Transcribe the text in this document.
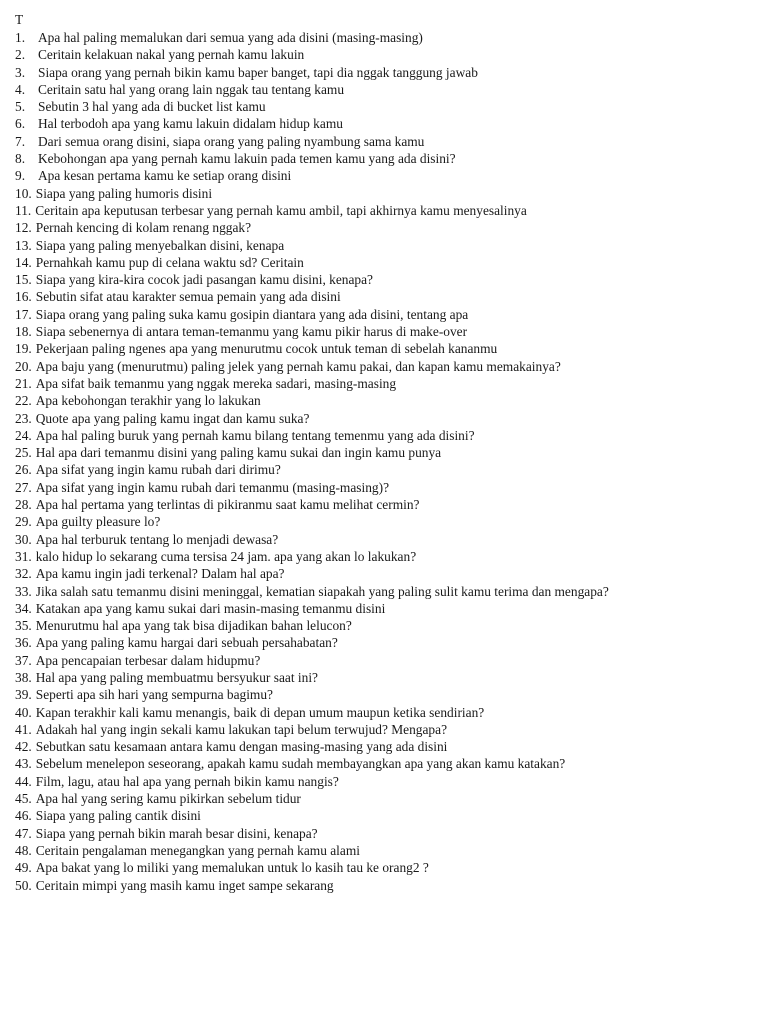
T
1. Apa hal paling memalukan dari semua yang ada disini (masing-masing)
2. Ceritain kelakuan nakal yang pernah kamu lakuin
3. Siapa orang yang pernah bikin kamu baper banget, tapi dia nggak tanggung jawab
4. Ceritain satu hal yang orang lain nggak tau tentang kamu
5. Sebutin 3 hal yang ada di bucket list kamu
6. Hal terbodoh apa yang kamu lakuin didalam hidup kamu
7. Dari semua orang disini, siapa orang yang paling nyambung sama kamu
8. Kebohongan apa yang pernah kamu lakuin pada temen kamu yang ada disini?
9. Apa kesan pertama kamu ke setiap orang disini
10. Siapa yang paling humoris disini
11. Ceritain apa keputusan terbesar yang pernah kamu ambil, tapi akhirnya kamu menyesalinya
12. Pernah kencing di kolam renang nggak?
13. Siapa yang paling menyebalkan disini, kenapa
14. Pernahkah kamu pup di celana waktu sd? Ceritain
15. Siapa yang kira-kira cocok jadi pasangan kamu disini, kenapa?
16. Sebutin sifat atau karakter semua pemain yang ada disini
17. Siapa orang yang paling suka kamu gosipin diantara yang ada disini, tentang apa
18. Siapa sebenernya di antara teman-temanmu yang kamu pikir harus di make-over
19. Pekerjaan paling ngenes apa yang menurutmu cocok untuk teman di sebelah kananmu
20. Apa baju yang (menurutmu) paling jelek yang pernah kamu pakai, dan kapan kamu memakainya?
21. Apa sifat baik temanmu yang nggak mereka sadari, masing-masing
22. Apa kebohongan terakhir yang lo lakukan
23. Quote apa yang paling kamu ingat dan kamu suka?
24. Apa hal paling buruk yang pernah kamu bilang tentang temenmu yang ada disini?
25. Hal apa dari temanmu disini yang paling kamu sukai dan ingin kamu punya
26. Apa sifat yang ingin kamu rubah dari dirimu?
27. Apa sifat yang ingin kamu rubah dari temanmu (masing-masing)?
28. Apa hal pertama yang terlintas di pikiranmu saat kamu melihat cermin?
29. Apa guilty pleasure lo?
30. Apa hal terburuk tentang lo menjadi dewasa?
31. kalo hidup lo sekarang cuma tersisa 24 jam. apa yang akan lo lakukan?
32. Apa kamu ingin jadi terkenal? Dalam hal apa?
33. Jika salah satu temanmu disini meninggal, kematian siapakah yang paling sulit kamu terima dan mengapa?
34. Katakan apa yang kamu sukai dari masin-masing temanmu disini
35. Menurutmu hal apa yang tak bisa dijadikan bahan lelucon?
36. Apa yang paling kamu hargai dari sebuah persahabatan?
37. Apa pencapaian terbesar dalam hidupmu?
38. Hal apa yang paling membuatmu bersyukur saat ini?
39. Seperti apa sih hari yang sempurna bagimu?
40. Kapan terakhir kali kamu menangis, baik di depan umum maupun ketika sendirian?
41. Adakah hal yang ingin sekali kamu lakukan tapi belum terwujud? Mengapa?
42. Sebutkan satu kesamaan antara kamu dengan masing-masing yang ada disini
43. Sebelum menelepon seseorang, apakah kamu sudah membayangkan apa yang akan kamu katakan?
44. Film, lagu, atau hal apa yang pernah bikin kamu nangis?
45. Apa hal yang sering kamu pikirkan sebelum tidur
46. Siapa yang paling cantik disini
47. Siapa yang pernah bikin marah besar disini, kenapa?
48. Ceritain pengalaman menegangkan yang pernah kamu alami
49. Apa bakat yang lo miliki yang memalukan untuk lo kasih tau ke orang2 ?
50. Ceritain mimpi yang masih kamu inget sampe sekarang
